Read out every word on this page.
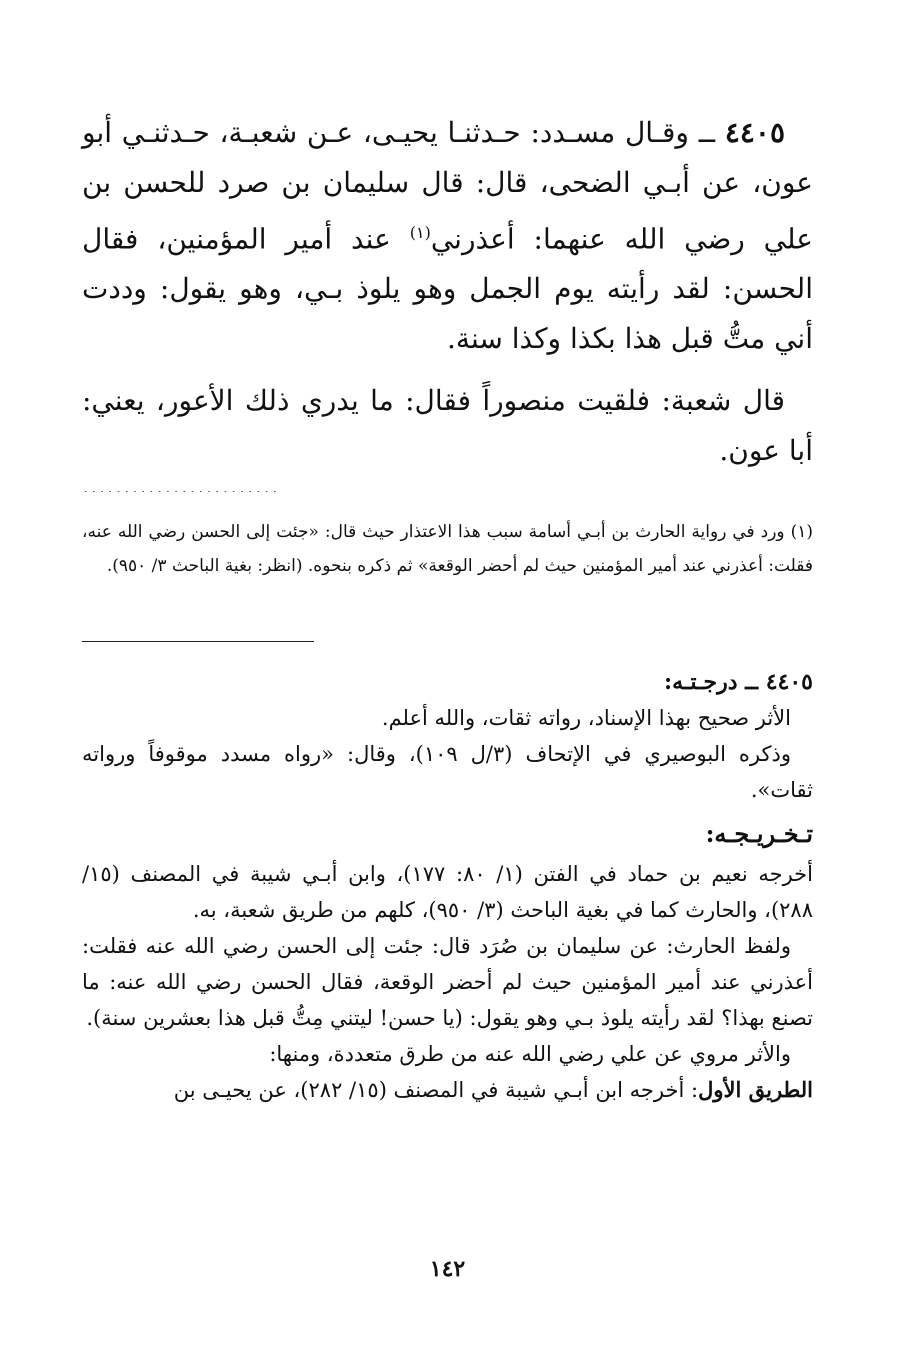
٤٤٠٥ ــ وقـال مسـدد: حـدثنـا يحيـى، عـن شعبـة، حـدثنـي أبو عون، عن أبـي الضحى، قال: قال سليمان بن صرد للحسن بن علي رضي الله عنهما: أعذرني$^{(١)}$ عند أمير المؤمنين، فقال الحسن: لقد رأيته يوم الجمل وهو يلوذ بـي، وهو يقول: وددت أني متُّ قبل هذا بكذا وكذا سنة.

قال شعبة: فلقيت منصوراً فقال: ما يدري ذلك الأعور، يعني: أبا عون.

........................

(١) ورد في رواية الحارث بن أبـي أسامة سبب هذا الاعتذار حيث قال: «جئت إلى الحسن رضي الله عنه، فقلت: أعذرني عند أمير المؤمنين حيث لم أحضر الوقعة» ثم ذكره بنحوه. (انظر: بغية الباحث ٣/ ٩٥٠).

٤٤٠٥ ــ درجـتـه:

الأثر صحيح بهذا الإسناد، رواته ثقات، والله أعلم.

وذكره البوصيري في الإتحاف (٣/ل ١٠٩)، وقال: «رواه مسدد موقوفاً ورواته ثقات».

تـخـريـجـه:

أخرجه نعيم بن حماد في الفتن (١/ ٨٠: ١٧٧)، وابن أبـي شيبة في المصنف (١٥/ ٢٨٨)، والحارث كما في بغية الباحث (٣/ ٩٥٠)، كلهم من طريق شعبة، به.

ولفظ الحارث: عن سليمان بن صُرَد قال: جئت إلى الحسن رضي الله عنه فقلت: أعذرني عند أمير المؤمنين حيث لم أحضر الوقعة، فقال الحسن رضي الله عنه: ما تصنع بهذا؟ لقد رأيته يلوذ بـي وهو يقول: (يا حسن! ليتني مِتُّ قبل هذا بعشرين سنة).

والأثر مروي عن علي رضي الله عنه من طرق متعددة، ومنها:

الطريق الأول: أخرجه ابن أبـي شيبة في المصنف (١٥/ ٢٨٢)، عن يحيـى بن

١٤٢
